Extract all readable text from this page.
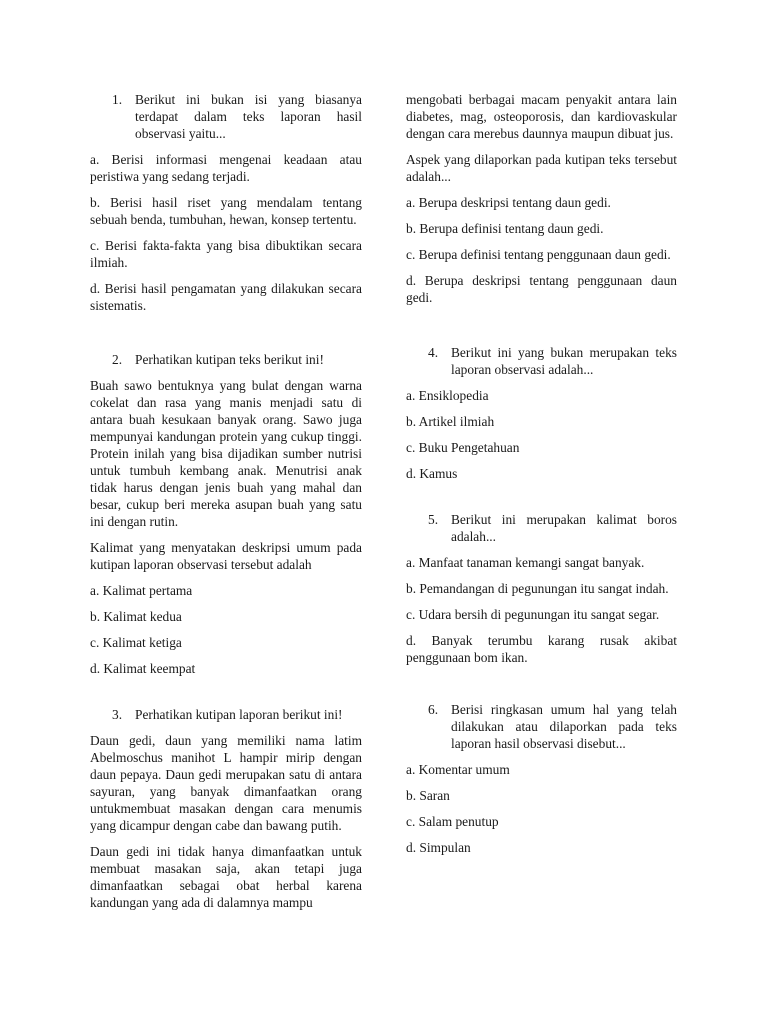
1. Berikut ini bukan isi yang biasanya terdapat dalam teks laporan hasil observasi yaitu...

a. Berisi informasi mengenai keadaan atau peristiwa yang sedang terjadi.

b. Berisi hasil riset yang mendalam tentang sebuah benda, tumbuhan, hewan, konsep tertentu.

c. Berisi fakta-fakta yang bisa dibuktikan secara ilmiah.

d. Berisi hasil pengamatan yang dilakukan secara sistematis.

2. Perhatikan kutipan teks berikut ini!

Buah sawo bentuknya yang bulat dengan warna cokelat dan rasa yang manis menjadi satu di antara buah kesukaan banyak orang. Sawo juga mempunyai kandungan protein yang cukup tinggi. Protein inilah yang bisa dijadikan sumber nutrisi untuk tumbuh kembang anak. Menutrisi anak tidak harus dengan jenis buah yang mahal dan besar, cukup beri mereka asupan buah yang satu ini dengan rutin.

Kalimat yang menyatakan deskripsi umum pada kutipan laporan observasi tersebut adalah

a. Kalimat pertama

b. Kalimat kedua

c. Kalimat ketiga

d. Kalimat keempat

3. Perhatikan kutipan laporan berikut ini!

Daun gedi, daun yang memiliki nama latim Abelmoschus manihot L hampir mirip dengan daun pepaya. Daun gedi merupakan satu di antara sayuran, yang banyak dimanfaatkan orang untukmembuat masakan dengan cara menumis yang dicampur dengan cabe dan bawang putih.

Daun gedi ini tidak hanya dimanfaatkan untuk membuat masakan saja, akan tetapi juga dimanfaatkan sebagai obat herbal karena kandungan yang ada di dalamnya mampu

mengobati berbagai macam penyakit antara lain diabetes, mag, osteoporosis, dan kardiovaskular dengan cara merebus daunnya maupun dibuat jus.

Aspek yang dilaporkan pada kutipan teks tersebut adalah...

a. Berupa deskripsi tentang daun gedi.

b. Berupa definisi tentang daun gedi.

c. Berupa definisi tentang penggunaan daun gedi.

d. Berupa deskripsi tentang penggunaan daun gedi.

4. Berikut ini yang bukan merupakan teks laporan observasi adalah...

a. Ensiklopedia

b. Artikel ilmiah

c. Buku Pengetahuan

d. Kamus

5. Berikut ini merupakan kalimat boros adalah...

a. Manfaat tanaman kemangi sangat banyak.

b. Pemandangan di pegunungan itu sangat indah.

c. Udara bersih di pegunungan itu sangat segar.

d. Banyak terumbu karang rusak akibat penggunaan bom ikan.

6. Berisi ringkasan umum hal yang telah dilakukan atau dilaporkan pada teks laporan hasil observasi disebut...

a. Komentar umum

b. Saran

c. Salam penutup

d. Simpulan
